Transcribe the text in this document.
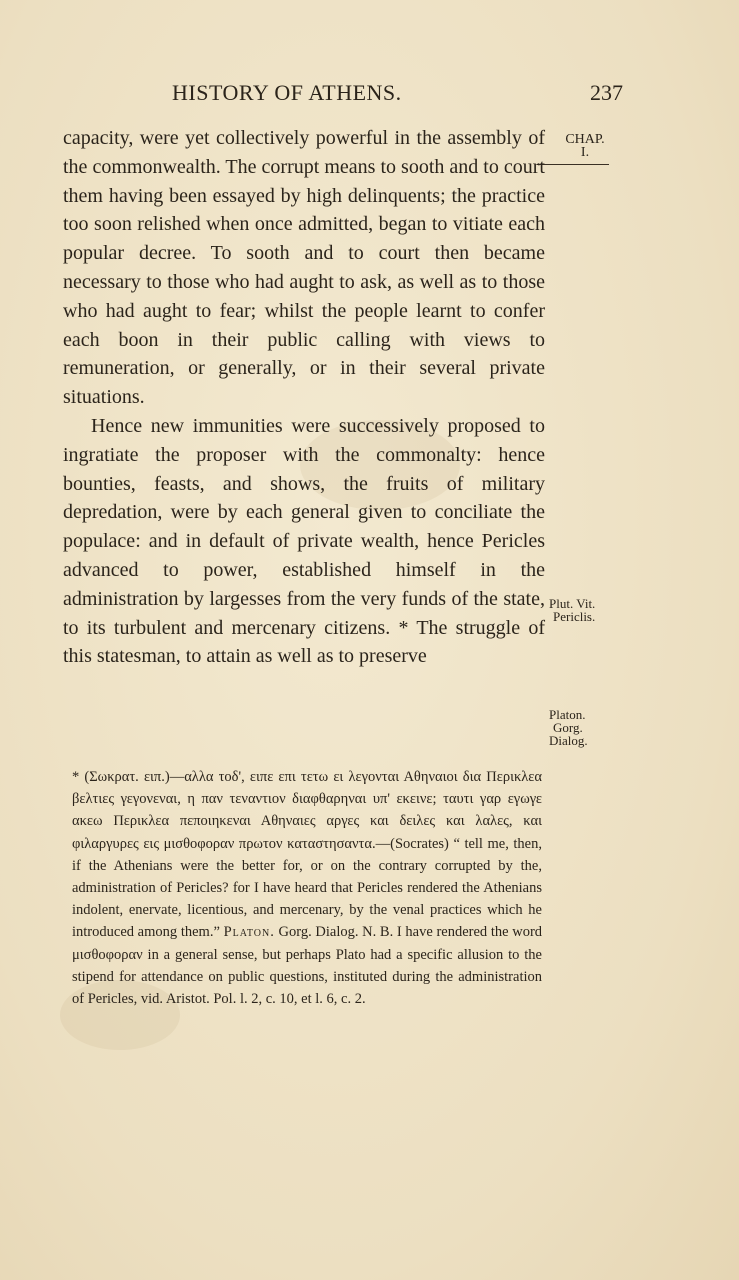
HISTORY OF ATHENS.	237
CHAP.
I.

capacity, were yet collectively powerful in the assembly of the commonwealth. The corrupt means to sooth and to court them having been essayed by high delinquents; the practice too soon relished when once admitted, began to vitiate each popular decree. To sooth and to court then became necessary to those who had aught to ask, as well as to those who had aught to fear; whilst the people learnt to confer each boon in their public calling with views to remuneration, or generally, or in their several private situations.

Hence new immunities were successively proposed to ingratiate the proposer with the commonalty: hence bounties, feasts, and shows, the fruits of military depredation, were by each general given to conciliate the populace: and in default of private wealth, hence Pericles advanced to power, established himself in the administration by largesses from the very funds of the state, to its turbulent and mercenary citizens. * The struggle of this statesman, to attain as well as to preserve

Plut. Vit.
Periclis.
Platon.
Gorg.
Dialog.

* (Σωκρατ. ειπ.)—αλλα τοδ', ειπε επι τετω ει λεγονται Αθηναιοι δια Περικλεα βελτιες γεγονεναι, η παν τεναντιον διαφθαρηναι υπ' εκεινε; ταυτι γαρ εγωγε ακεω Περικλεα πεποιηκεναι Αθηναιες αργες και δειλες και λαλες, και φιλαργυρες εις μισθοφοραν πρωτον καταστησαντα.—(Socrates) “ tell me, then, if the Athenians were the better for, or on the contrary corrupted by the, administration of Pericles? for I have heard that Pericles rendered the Athenians indolent, enervate, licentious, and mercenary, by the venal practices which he introduced among them.” Platon. Gorg. Dialog. N. B. I have rendered the word μισθοφοραν in a general sense, but perhaps Plato had a specific allusion to the stipend for attendance on public questions, instituted during the administration of Pericles, vid. Aristot. Pol. l. 2, c. 10, et l. 6, c. 2.
